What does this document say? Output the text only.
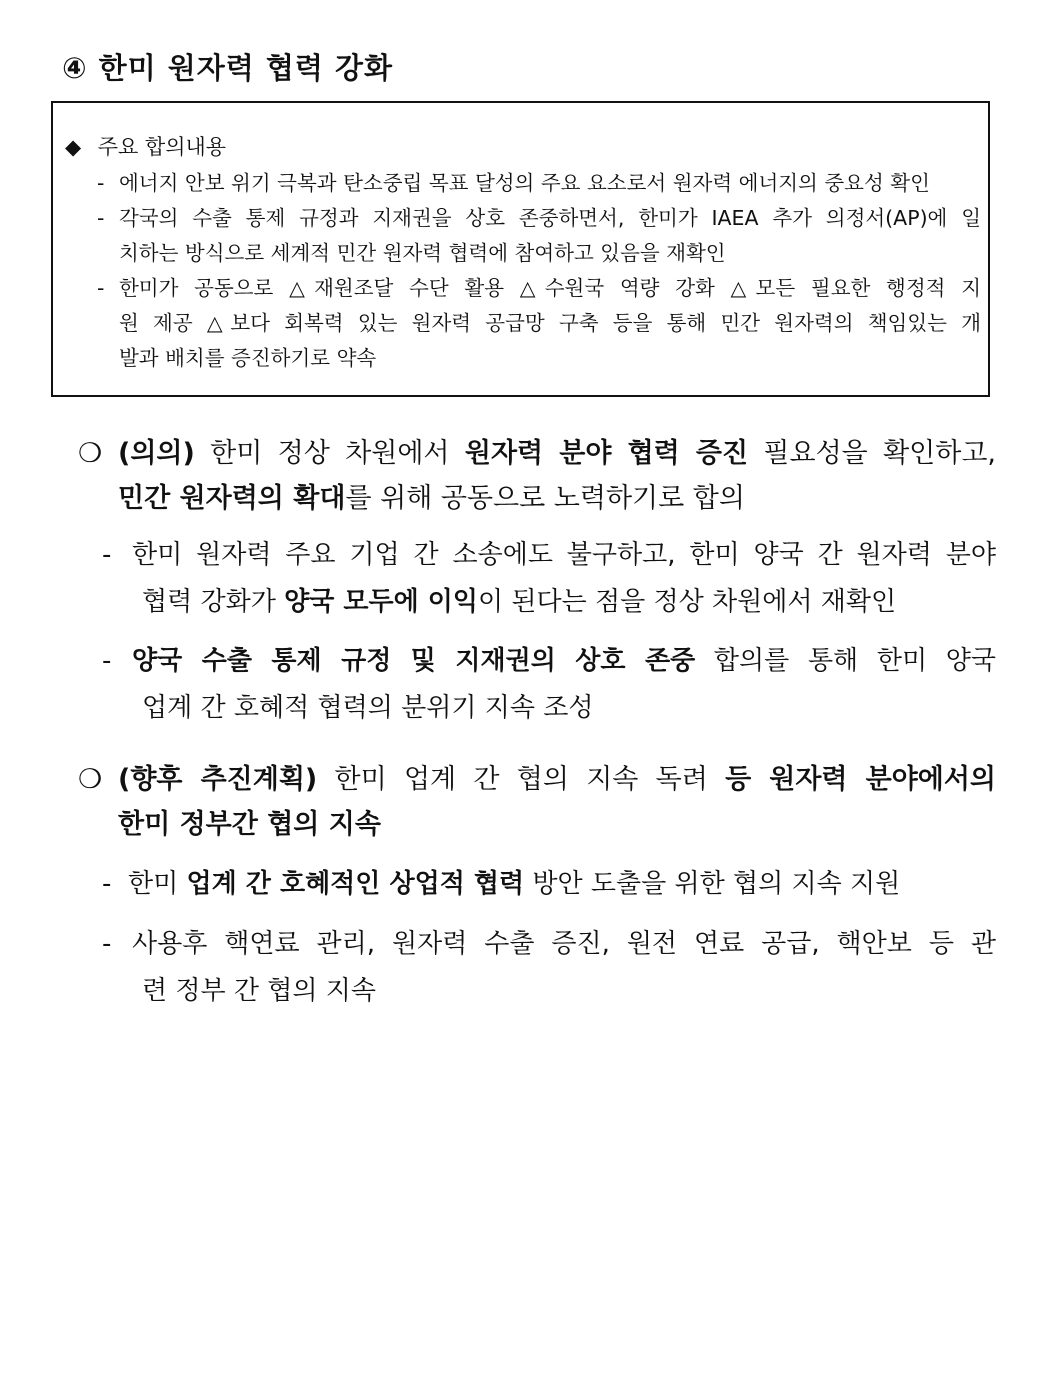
④ 한미 원자력 협력 강화
◆ 주요 합의내용
- 에너지 안보 위기 극복과 탄소중립 목표 달성의 주요 요소로서 원자력 에너지의 중요성 확인
- 각국의 수출 통제 규정과 지재권을 상호 존중하면서, 한미가 IAEA 추가 의정서(AP)에 일
치하는 방식으로 세계적 민간 원자력 협력에 참여하고 있음을 재확인
- 한미가 공동으로 △재원조달 수단 활용 △수원국 역량 강화 △모든 필요한 행정적 지
원 제공 △보다 회복력 있는 원자력 공급망 구축 등을 통해 민간 원자력의 책임있는 개
발과 배치를 증진하기로 약속
❍ (의의) 한미 정상 차원에서 원자력 분야 협력 증진 필요성을 확인하고,
민간 원자력의 확대를 위해 공동으로 노력하기로 합의
- 한미 원자력 주요 기업 간 소송에도 불구하고, 한미 양국 간 원자력 분야
협력 강화가 양국 모두에 이익이 된다는 점을 정상 차원에서 재확인
- 양국 수출 통제 규정 및 지재권의 상호 존중 합의를 통해 한미 양국
업계 간 호혜적 협력의 분위기 지속 조성
❍ (향후 추진계획) 한미 업계 간 협의 지속 독려 등 원자력 분야에서의
한미 정부간 협의 지속
- 한미 업계 간 호혜적인 상업적 협력 방안 도출을 위한 협의 지속 지원
- 사용후 핵연료 관리, 원자력 수출 증진, 원전 연료 공급, 핵안보 등 관
련 정부 간 협의 지속
